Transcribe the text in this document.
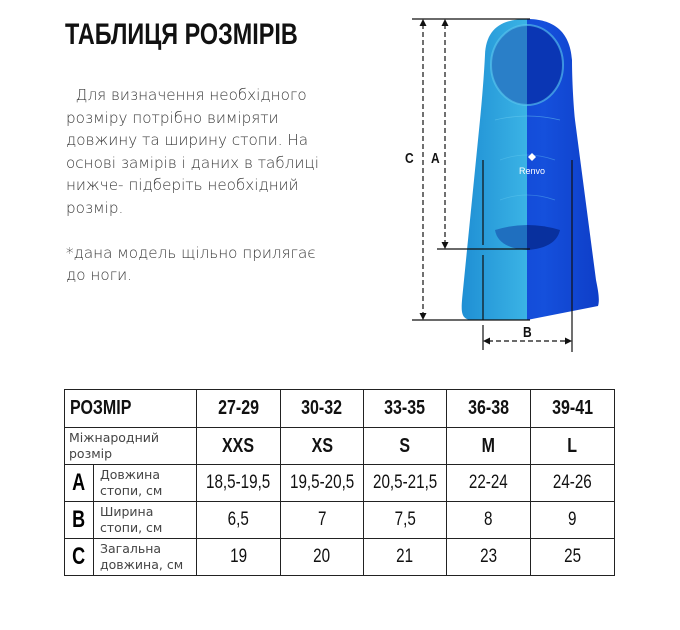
ТАБЛИЦЯ РОЗМІРІВ

Для визначення необхідного

розміру потрібно виміряти

довжину та ширину стопи. На

основі замірів і даних в таблиці

нижче- підберіть необхідний

розмір.

*дана модель щільно прилягає

до ноги.

Renvo
C A
B
РОЗМІР		27-29	30-32	33-35	36-38	39-41
Міжнародний розмір		XXS	XS	S	M	L
A	Довжина
стопи, см	18,5-19,5	19,5-20,5	20,5-21,5	22-24	24-26
B	Ширина
стопи, см	6,5	7	7,5	8	9
C	Загальна
довжина, см	19	20	21	23	25
